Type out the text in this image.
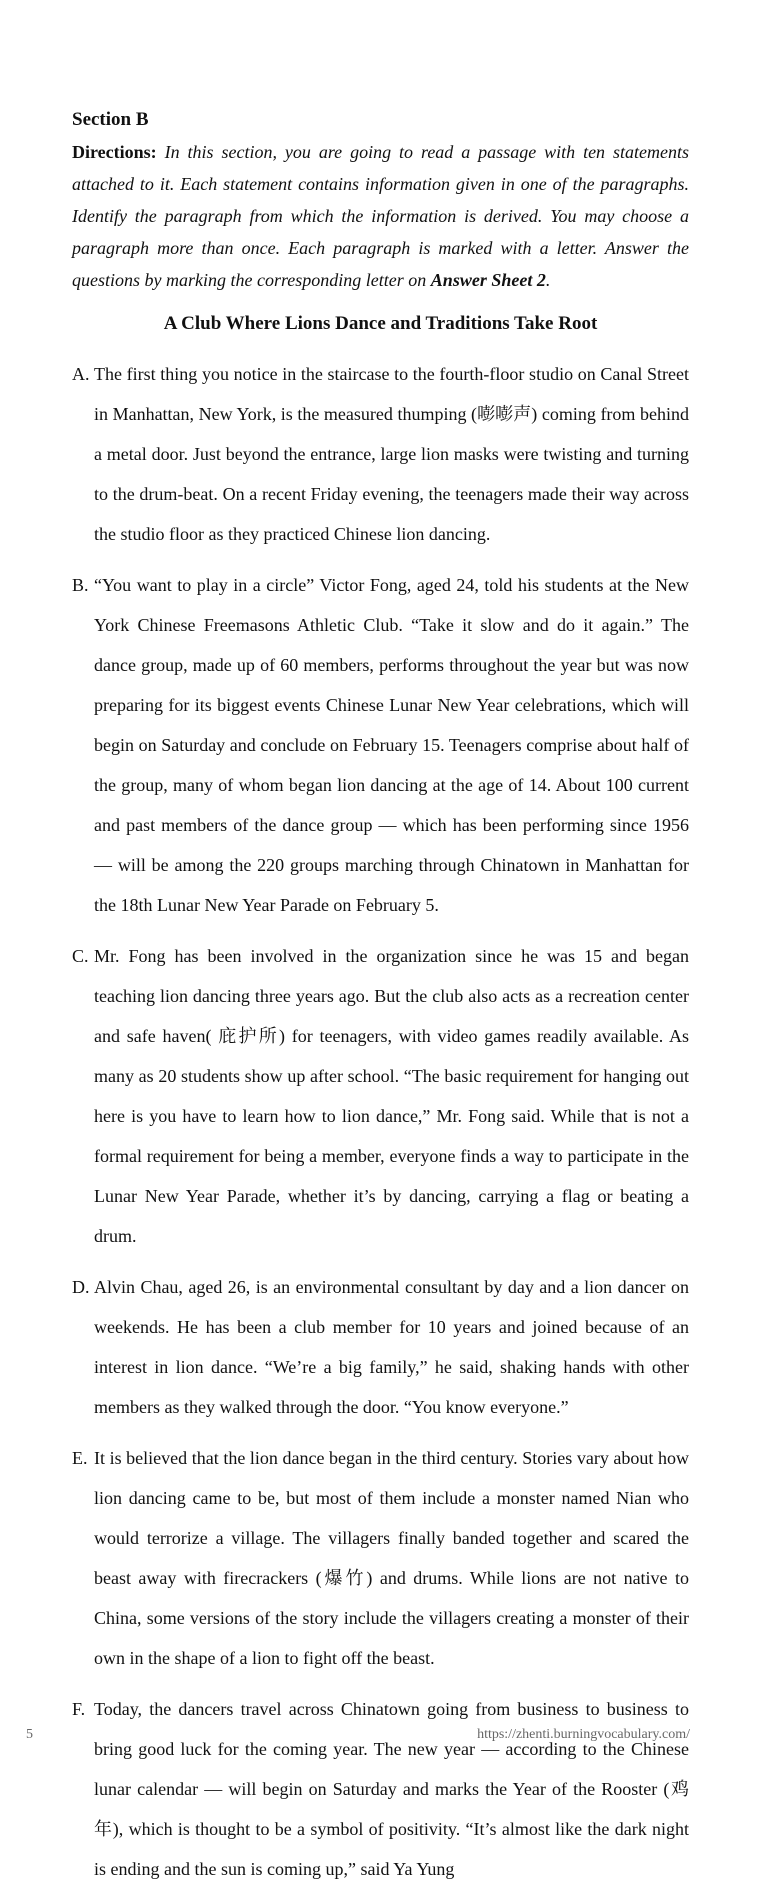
Section B
Directions: In this section, you are going to read a passage with ten statements attached to it. Each statement contains information given in one of the paragraphs. Identify the paragraph from which the information is derived. You may choose a paragraph more than once. Each paragraph is marked with a letter. Answer the questions by marking the corresponding letter on Answer Sheet 2.
A Club Where Lions Dance and Traditions Take Root
A. The first thing you notice in the staircase to the fourth-floor studio on Canal Street in Manhattan, New York, is the measured thumping (嘭嘭声) coming from behind a metal door. Just beyond the entrance, large lion masks were twisting and turning to the drum-beat. On a recent Friday evening, the teenagers made their way across the studio floor as they practiced Chinese lion dancing.
B. “You want to play in a circle” Victor Fong, aged 24, told his students at the New York Chinese Freemasons Athletic Club. “Take it slow and do it again.” The dance group, made up of 60 members, performs throughout the year but was now preparing for its biggest events Chinese Lunar New Year celebrations, which will begin on Saturday and conclude on February 15. Teenagers comprise about half of the group, many of whom began lion dancing at the age of 14. About 100 current and past members of the dance group — which has been performing since 1956 — will be among the 220 groups marching through Chinatown in Manhattan for the 18th Lunar New Year Parade on February 5.
C. Mr. Fong has been involved in the organization since he was 15 and began teaching lion dancing three years ago. But the club also acts as a recreation center and safe haven( 庇护所) for teenagers, with video games readily available. As many as 20 students show up after school. “The basic requirement for hanging out here is you have to learn how to lion dance,” Mr. Fong said. While that is not a formal requirement for being a member, everyone finds a way to participate in the Lunar New Year Parade, whether it’s by dancing, carrying a flag or beating a drum.
D. Alvin Chau, aged 26, is an environmental consultant by day and a lion dancer on weekends. He has been a club member for 10 years and joined because of an interest in lion dance. “We’re a big family,” he said, shaking hands with other members as they walked through the door. “You know everyone.”
E. It is believed that the lion dance began in the third century. Stories vary about how lion dancing came to be, but most of them include a monster named Nian who would terrorize a village. The villagers finally banded together and scared the beast away with firecrackers (爆竹) and drums. While lions are not native to China, some versions of the story include the villagers creating a monster of their own in the shape of a lion to fight off the beast.
F. Today, the dancers travel across Chinatown going from business to business to bring good luck for the coming year. The new year — according to the Chinese lunar calendar — will begin on Saturday and marks the Year of the Rooster (鸡年), which is thought to be a symbol of positivity. “It’s almost like the dark night is ending and the sun is coming up,” said Ya Yung
5	https://zhenti.burningvocabulary.com/
